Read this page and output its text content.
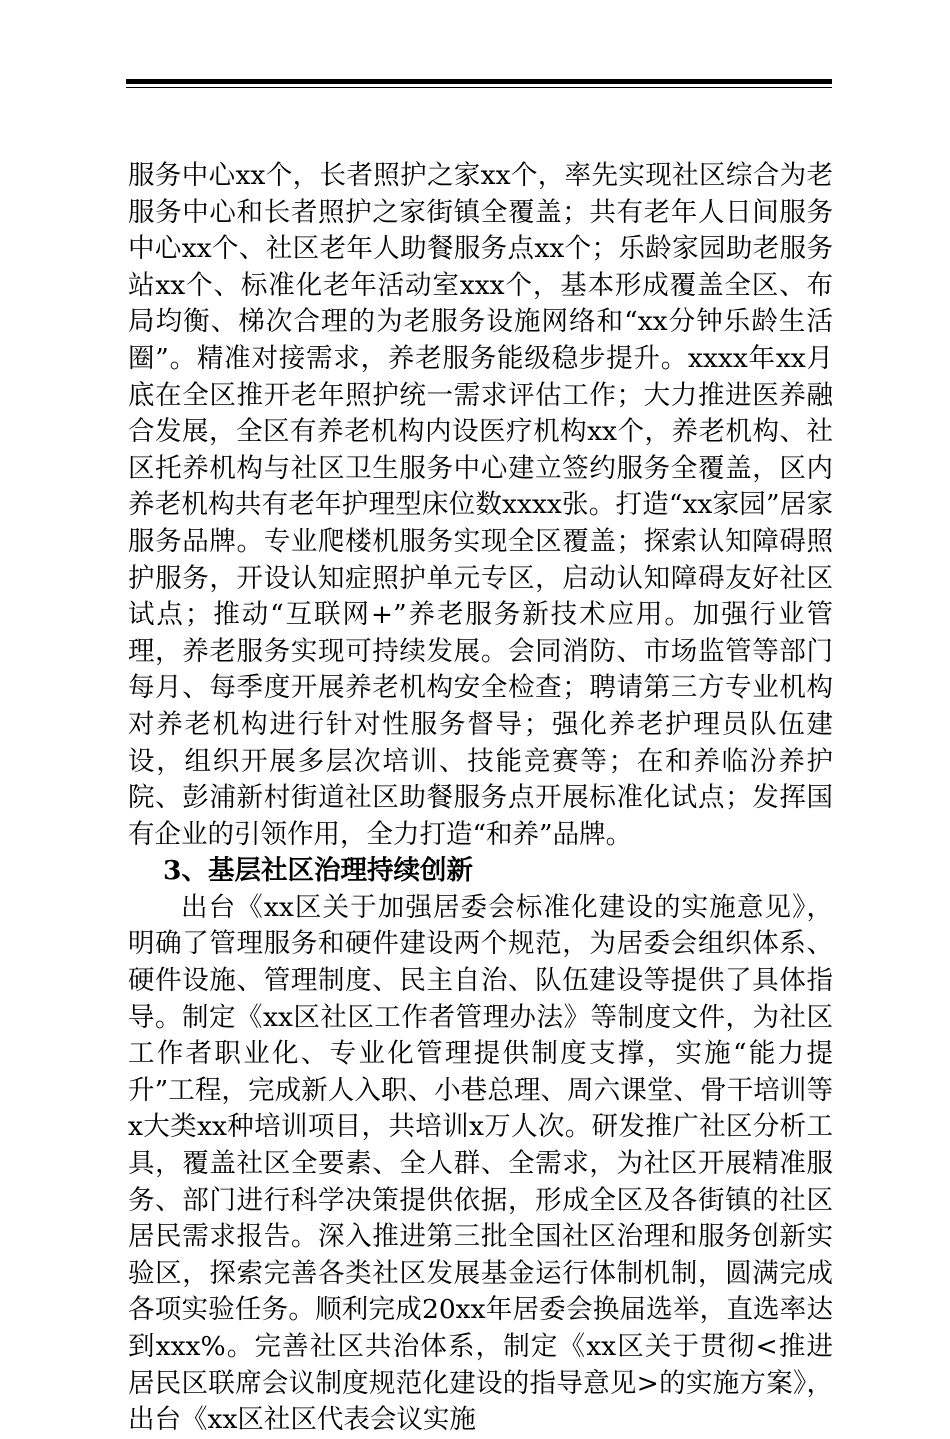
服务中心xx个，长者照护之家xx个，率先实现社区综合为老服务中心和长者照护之家街镇全覆盖；共有老年人日间服务中心xx个、社区老年人助餐服务点xx个；乐龄家园助老服务站xx个、标准化老年活动室xxx个，基本形成覆盖全区、布局均衡、梯次合理的为老服务设施网络和“xx分钟乐龄生活圈”。精准对接需求，养老服务能级稳步提升。xxxx年xx月底在全区推开老年照护统一需求评估工作；大力推进医养融合发展，全区有养老机构内设医疗机构xx个，养老机构、社区托养机构与社区卫生服务中心建立签约服务全覆盖，区内养老机构共有老年护理型床位数xxxx张。打造“xx家园”居家服务品牌。专业爬楼机服务实现全区覆盖；探索认知障碍照护服务，开设认知症照护单元专区，启动认知障碍友好社区试点；推动“互联网+”养老服务新技术应用。加强行业管理，养老服务实现可持续发展。会同消防、市场监管等部门每月、每季度开展养老机构安全检查；聘请第三方专业机构对养老机构进行针对性服务督导；强化养老护理员队伍建设，组织开展多层次培训、技能竞赛等；在和养临汾养护院、彭浦新村街道社区助餐服务点开展标准化试点；发挥国有企业的引领作用，全力打造“和养”品牌。

3、基层社区治理持续创新

出台《xx区关于加强居委会标准化建设的实施意见》，明确了管理服务和硬件建设两个规范，为居委会组织体系、硬件设施、管理制度、民主自治、队伍建设等提供了具体指导。制定《xx区社区工作者管理办法》等制度文件，为社区工作者职业化、专业化管理提供制度支撑，实施“能力提升”工程，完成新人入职、小巷总理、周六课堂、骨干培训等x大类xx种培训项目，共培训x万人次。研发推广社区分析工具，覆盖社区全要素、全人群、全需求，为社区开展精准服务、部门进行科学决策提供依据，形成全区及各街镇的社区居民需求报告。深入推进第三批全国社区治理和服务创新实验区，探索完善各类社区发展基金运行体制机制，圆满完成各项实验任务。顺利完成20xx年居委会换届选举，直选率达到xxx%。完善社区共治体系，制定《xx区关于贯彻<推进居民区联席会议制度规范化建设的指导意见>的实施方案》，出台《xx区社区代表会议实施
